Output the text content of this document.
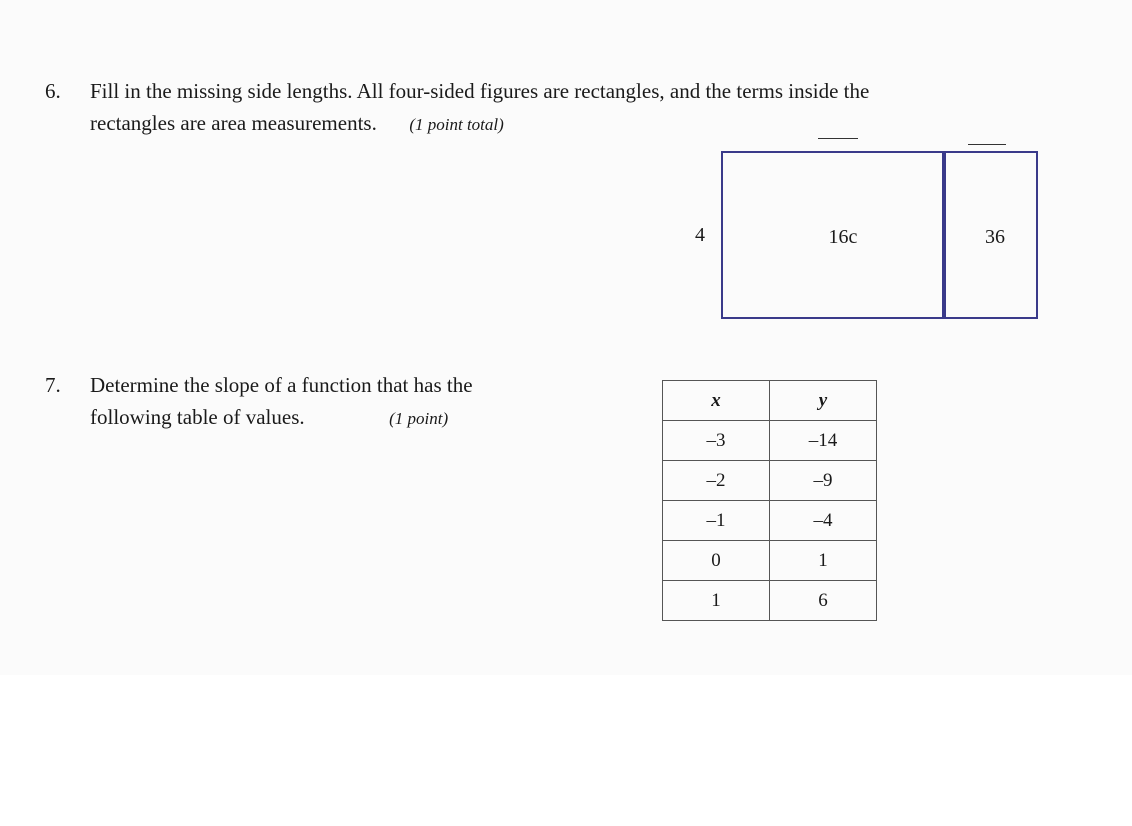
6. Fill in the missing side lengths. All four-sided figures are rectangles, and the terms inside the
rectangles are area measurements. (1 point total)
4	16c	36
7. Determine the slope of a function that has the
following table of values.	(1 point)
x	y
–3	–14
–2	–9
–1	–4
0	1
1	6
